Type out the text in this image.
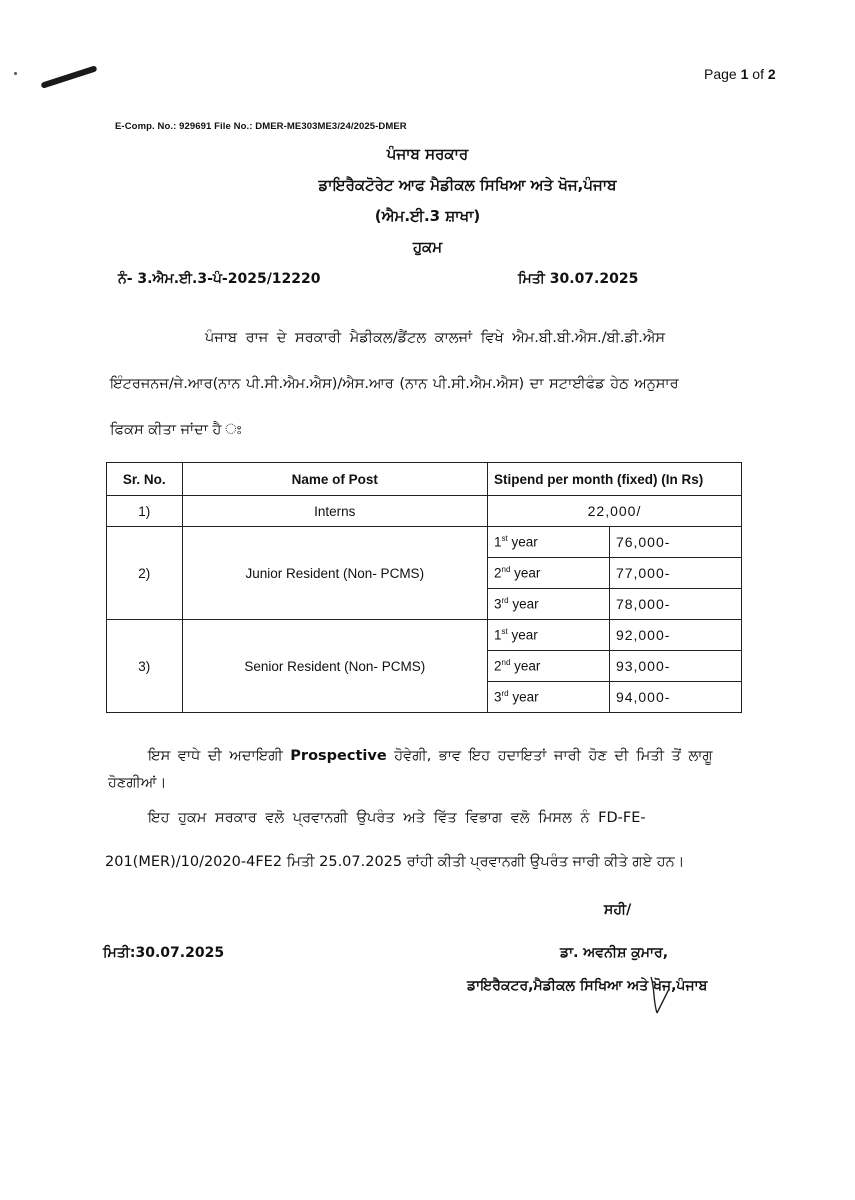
Page 1 of 2
E-Comp. No.: 929691 File No.: DMER-ME303ME3/24/2025-DMER
ਪੰਜਾਬ ਸਰਕਾਰ
ਡਾਇਰੈਕਟੋਰੇਟ ਆਫ ਮੈਡੀਕਲ ਸਿਖਿਆ ਅਤੇ ਖੋਜ,ਪੰਜਾਬ
(ਐਮ.ਈ.3 ਸ਼ਾਖਾ)
ਹੁਕਮ
ਨੰ- 3.ਐਮ.ਈ.3-ਪੰ-2025/12220	ਮਿਤੀ 30.07.2025
ਪੰਜਾਬ ਰਾਜ ਦੇ ਸਰਕਾਰੀ ਮੈਡੀਕਲ/ਡੈਂਟਲ ਕਾਲਜਾਂ ਵਿਖੇ ਐਮ.ਬੀ.ਬੀ.ਐਸ./ਬੀ.ਡੀ.ਐਸ
ਇੰਟਰਜਨਜ/ਜੇ.ਆਰ(ਨਾਨ ਪੀ.ਸੀ.ਐਮ.ਐਸ)/ਐਸ.ਆਰ (ਨਾਨ ਪੀ.ਸੀ.ਐਮ.ਐਸ) ਦਾ ਸਟਾਈਫੰਡ ਹੇਠ ਅਨੁਸਾਰ
ਫਿਕਸ ਕੀਤਾ ਜਾਂਦਾ ਹੈ ਃ
Sr. No.	Name of Post	Stipend per month (fixed) (In Rs)	
1)	Interns	22,000/	
2)	Junior Resident (Non- PCMS)	1st year	76,000-
		2nd year	77,000-
		3rd year	78,000-
3)	Senior Resident (Non- PCMS)	1st year	92,000-
		2nd year	93,000-
		3rd year	94,000-
ਇਸ ਵਾਧੇ ਦੀ ਅਦਾਇਗੀ Prospective ਹੋਵੇਗੀ, ਭਾਵ ਇਹ ਹਦਾਇਤਾਂ ਜਾਰੀ ਹੋਣ ਦੀ ਮਿਤੀ ਤੋਂ ਲਾਗੂ
ਹੋਣਗੀਆਂ।
ਇਹ ਹੁਕਮ ਸਰਕਾਰ ਵਲੋ ਪ੍ਰਵਾਨਗੀ ਉਪਰੰਤ ਅਤੇ ਵਿੱਤ ਵਿਭਾਗ ਵਲੋ ਮਿਸਲ ਨੰ FD-FE-
201(MER)/10/2020-4FE2 ਮਿਤੀ 25.07.2025 ਰਾਂਹੀ ਕੀਤੀ ਪ੍ਰਵਾਨਗੀ ਉਪਰੰਤ ਜਾਰੀ ਕੀਤੇ ਗਏ ਹਨ।
ਸਹੀ/
ਮਿਤੀ:30.07.2025	ਡਾ. ਅਵਨੀਸ਼ ਕੁਮਾਰ,
ਡਾਇਰੈਕਟਰ,ਮੈਡੀਕਲ ਸਿਖਿਆ ਅਤੇ ਖੋਜ,ਪੰਜਾਬ
